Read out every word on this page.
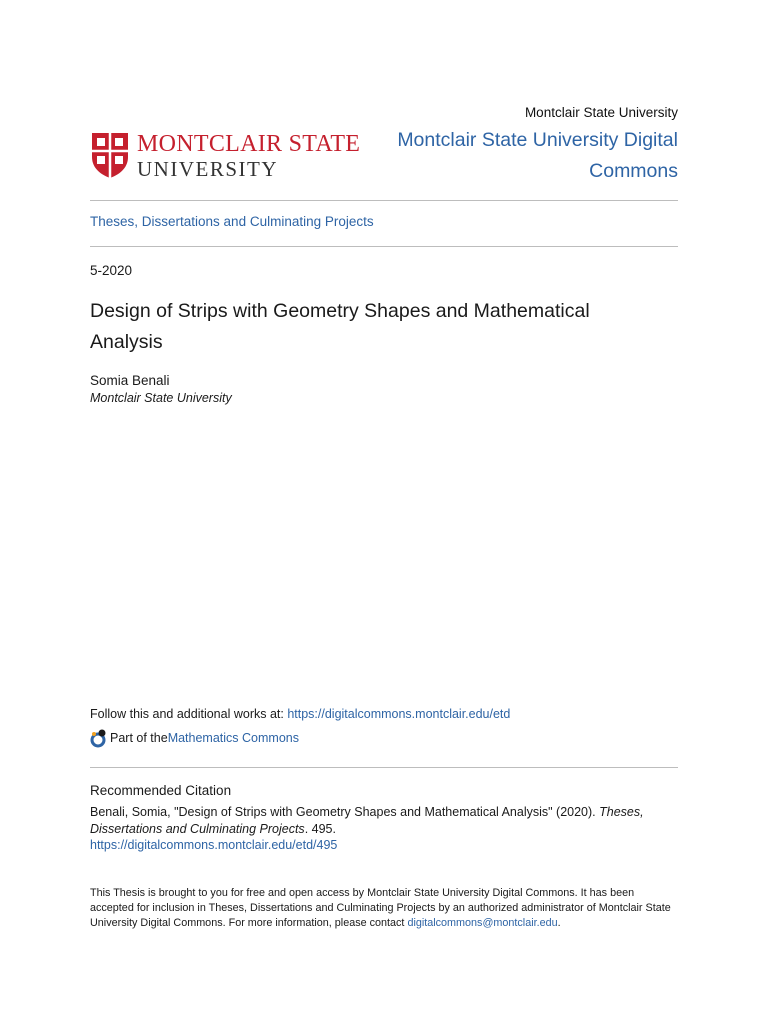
Montclair State University
MONTCLAIR STATE
UNIVERSITY
Montclair State University Digital Commons
Theses, Dissertations and Culminating Projects
5-2020
Design of Strips with Geometry Shapes and Mathematical Analysis
Somia Benali
Montclair State University
Follow this and additional works at: https://digitalcommons.montclair.edu/etd
Part of the Mathematics Commons
Recommended Citation
Benali, Somia, "Design of Strips with Geometry Shapes and Mathematical Analysis" (2020). Theses, Dissertations and Culminating Projects. 495.
https://digitalcommons.montclair.edu/etd/495
This Thesis is brought to you for free and open access by Montclair State University Digital Commons. It has been accepted for inclusion in Theses, Dissertations and Culminating Projects by an authorized administrator of Montclair State University Digital Commons. For more information, please contact digitalcommons@montclair.edu.
